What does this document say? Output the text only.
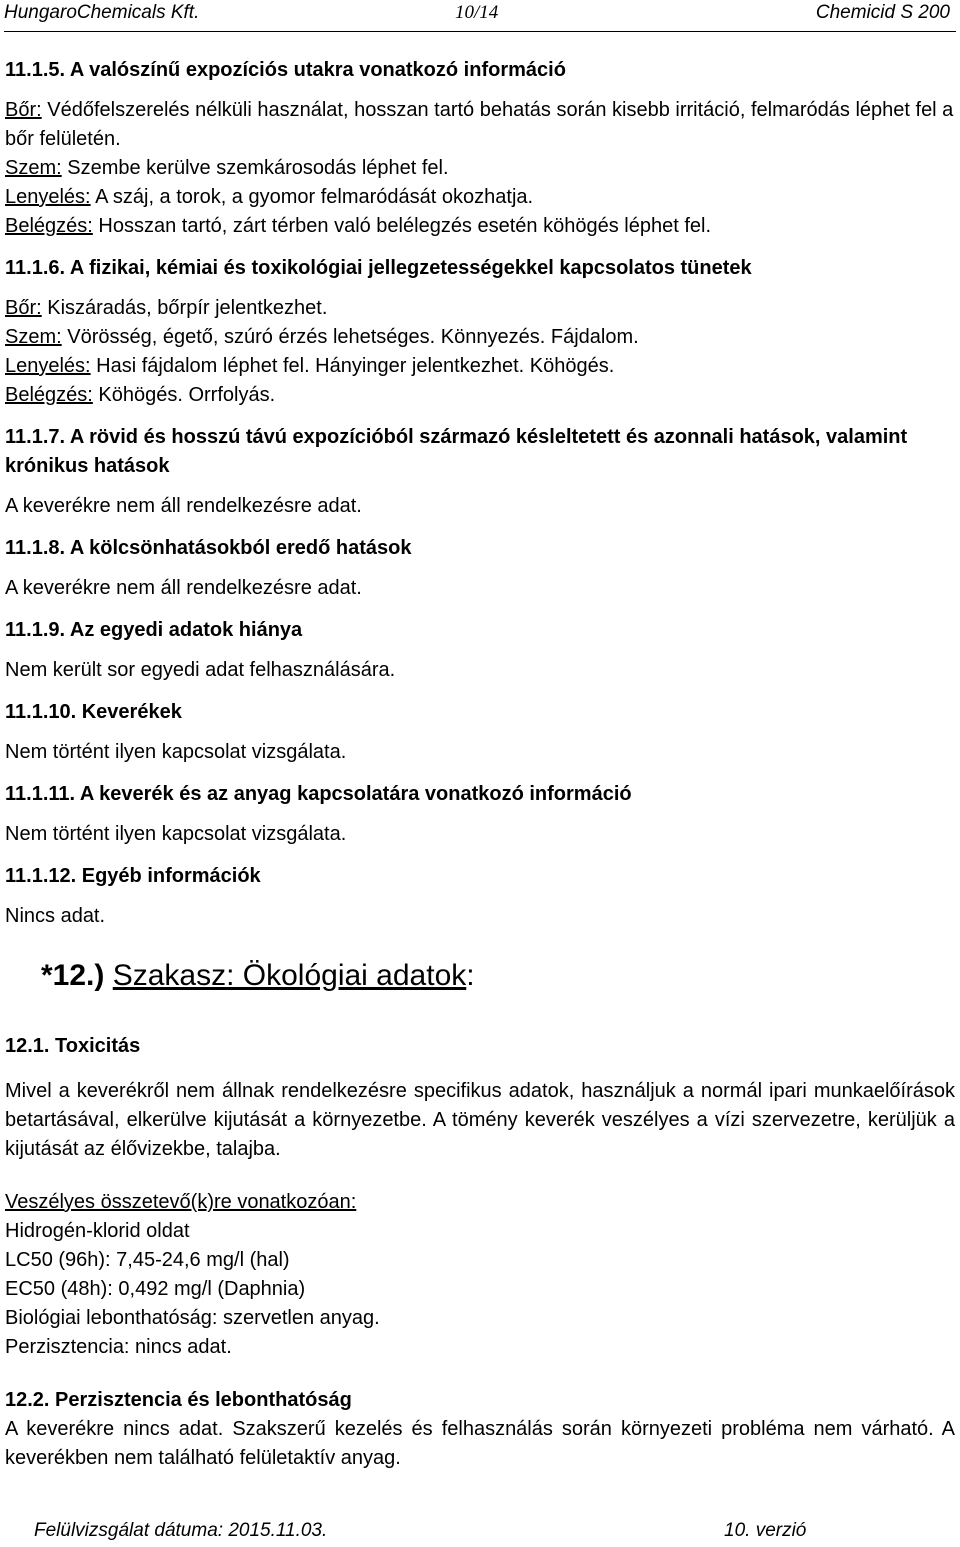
HungaroChemicals Kft.	10/14	Chemicid S 200

11.1.5. A valószínű expozíciós utakra vonatkozó információ

Bőr: Védőfelszerelés nélküli használat, hosszan tartó behatás során kisebb irritáció, felmaródás léphet fel a bőr felületén.

Szem: Szembe kerülve szemkárosodás léphet fel.

Lenyelés: A száj, a torok, a gyomor felmaródását okozhatja.

Belégzés: Hosszan tartó, zárt térben való belélegzés esetén köhögés léphet fel.

11.1.6. A fizikai, kémiai és toxikológiai jellegzetességekkel kapcsolatos tünetek

Bőr: Kiszáradás, bőrpír jelentkezhet.

Szem: Vörösség, égető, szúró érzés lehetséges. Könnyezés. Fájdalom.

Lenyelés: Hasi fájdalom léphet fel. Hányinger jelentkezhet. Köhögés.

Belégzés: Köhögés. Orrfolyás.

11.1.7. A rövid és hosszú távú expozícióból származó késleltetett és azonnali hatások, valamint krónikus hatások

A keverékre nem áll rendelkezésre adat.

11.1.8. A kölcsönhatásokból eredő hatások

A keverékre nem áll rendelkezésre adat.

11.1.9. Az egyedi adatok hiánya

Nem került sor egyedi adat felhasználására.

11.1.10. Keverékek

Nem történt ilyen kapcsolat vizsgálata.

11.1.11. A keverék és az anyag kapcsolatára vonatkozó információ

Nem történt ilyen kapcsolat vizsgálata.

11.1.12. Egyéb információk

Nincs adat.

*12.) Szakasz: Ökológiai adatok:

12.1. Toxicitás

Mivel a keverékről nem állnak rendelkezésre specifikus adatok, használjuk a normál ipari munkaelőírások betartásával, elkerülve kijutását a környezetbe. A tömény keverék veszélyes a vízi szervezetre, kerüljük a kijutását az élővizekbe, talajba.

Veszélyes összetevő(k)re vonatkozóan:

Hidrogén-klorid oldat

LC50 (96h): 7,45-24,6 mg/l (hal)

EC50 (48h): 0,492 mg/l (Daphnia)

Biológiai lebonthatóság: szervetlen anyag.

Perzisztencia: nincs adat.

12.2. Perzisztencia és lebonthatóság

A keverékre nincs adat. Szakszerű kezelés és felhasználás során környezeti probléma nem várható. A keverékben nem található felületaktív anyag.

Felülvizsgálat dátuma: 2015.11.03.	10. verzió
